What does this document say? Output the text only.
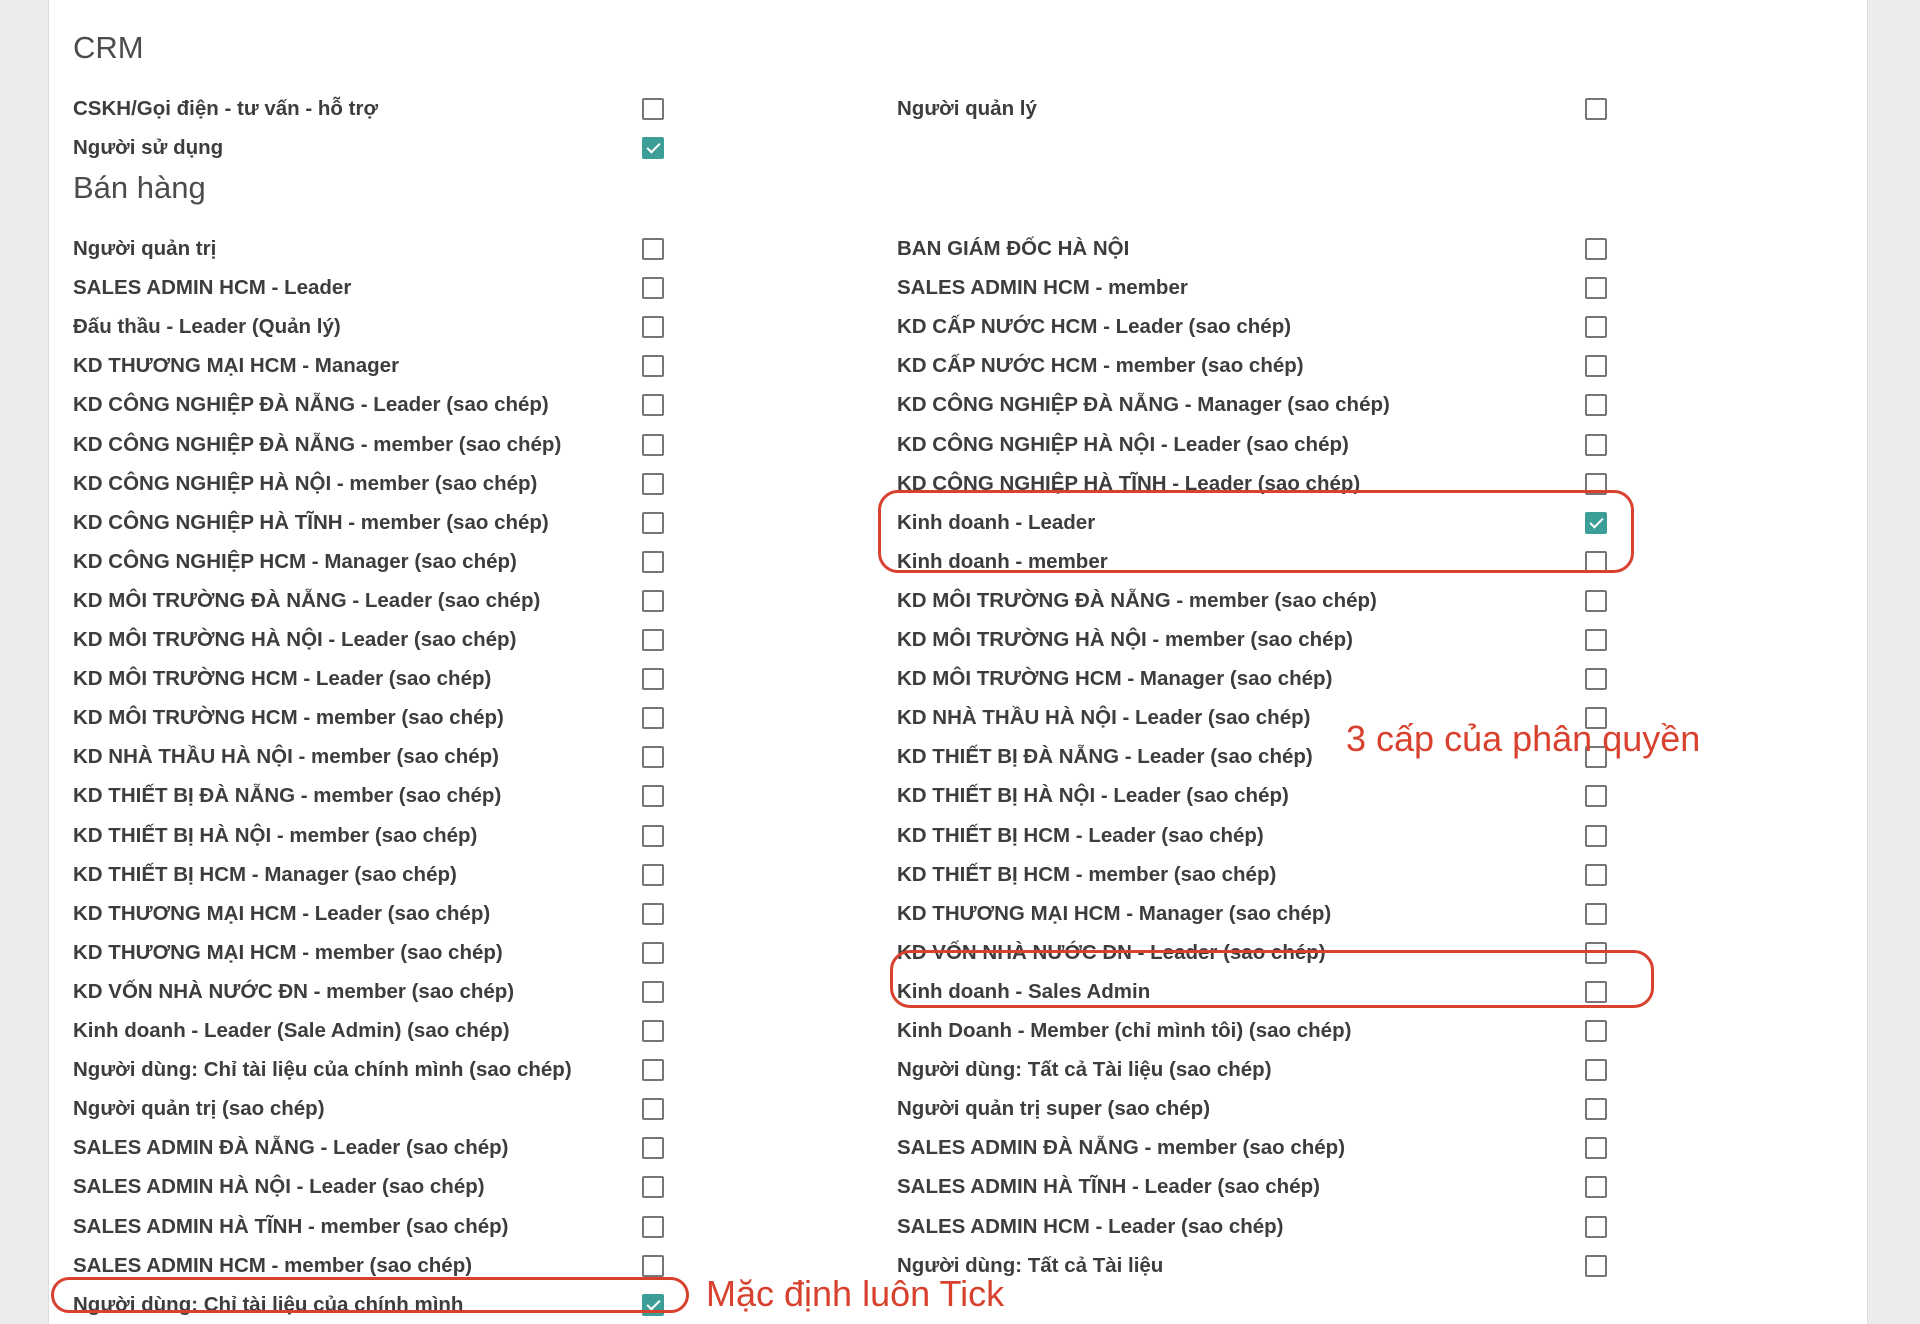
CRM
CSKH/Gọi điện - tư vấn - hỗ trợ	Người quản lý
Người sử dụng
Bán hàng
Người quản trị	BAN GIÁM ĐỐC HÀ NỘI
SALES ADMIN HCM - Leader	SALES ADMIN HCM - member
Đấu thầu - Leader (Quản lý)	KD CẤP NƯỚC HCM - Leader (sao chép)
KD THƯƠNG MẠI HCM - Manager	KD CẤP NƯỚC HCM - member (sao chép)
KD CÔNG NGHIỆP ĐÀ NẴNG - Leader (sao chép)	KD CÔNG NGHIỆP ĐÀ NẴNG - Manager (sao chép)
KD CÔNG NGHIỆP ĐÀ NẴNG - member (sao chép)	KD CÔNG NGHIỆP HÀ NỘI - Leader (sao chép)
KD CÔNG NGHIỆP HÀ NỘI - member (sao chép)	KD CÔNG NGHIỆP HÀ TĨNH - Leader (sao chép)
KD CÔNG NGHIỆP HÀ TĨNH - member (sao chép)	Kinh doanh - Leader
KD CÔNG NGHIỆP HCM - Manager (sao chép)	Kinh doanh - member
KD MÔI TRƯỜNG ĐÀ NẴNG - Leader (sao chép)	KD MÔI TRƯỜNG ĐÀ NẴNG - member (sao chép)
KD MÔI TRƯỜNG HÀ NỘI - Leader (sao chép)	KD MÔI TRƯỜNG HÀ NỘI - member (sao chép)
KD MÔI TRƯỜNG HCM - Leader (sao chép)	KD MÔI TRƯỜNG HCM - Manager (sao chép)
KD MÔI TRƯỜNG HCM - member (sao chép)	KD NHÀ THẦU HÀ NỘI - Leader (sao chép)
KD NHÀ THẦU HÀ NỘI - member (sao chép)	KD THIẾT BỊ ĐÀ NẴNG - Leader (sao chép)
KD THIẾT BỊ ĐÀ NẴNG - member (sao chép)	KD THIẾT BỊ HÀ NỘI - Leader (sao chép)
KD THIẾT BỊ HÀ NỘI - member (sao chép)	KD THIẾT BỊ HCM - Leader (sao chép)
KD THIẾT BỊ HCM - Manager (sao chép)	KD THIẾT BỊ HCM - member (sao chép)
KD THƯƠNG MẠI HCM - Leader (sao chép)	KD THƯƠNG MẠI HCM - Manager (sao chép)
KD THƯƠNG MẠI HCM - member (sao chép)	KD VỐN NHÀ NƯỚC ĐN - Leader (sao chép)
KD VỐN NHÀ NƯỚC ĐN - member (sao chép)	Kinh doanh - Sales Admin
Kinh doanh - Leader (Sale Admin) (sao chép)	Kinh Doanh - Member (chỉ mình tôi) (sao chép)
Người dùng: Chỉ tài liệu của chính mình (sao chép)	Người dùng: Tất cả Tài liệu (sao chép)
Người quản trị (sao chép)	Người quản trị super (sao chép)
SALES ADMIN ĐÀ NẴNG - Leader (sao chép)	SALES ADMIN ĐÀ NẴNG - member (sao chép)
SALES ADMIN HÀ NỘI - Leader (sao chép)	SALES ADMIN HÀ TĨNH - Leader (sao chép)
SALES ADMIN HÀ TĨNH - member (sao chép)	SALES ADMIN HCM - Leader (sao chép)
SALES ADMIN HCM - member (sao chép)	Người dùng: Tất cả Tài liệu
Người dùng: Chỉ tài liệu của chính mình
3 cấp của phân quyền
Mặc định luôn Tick
